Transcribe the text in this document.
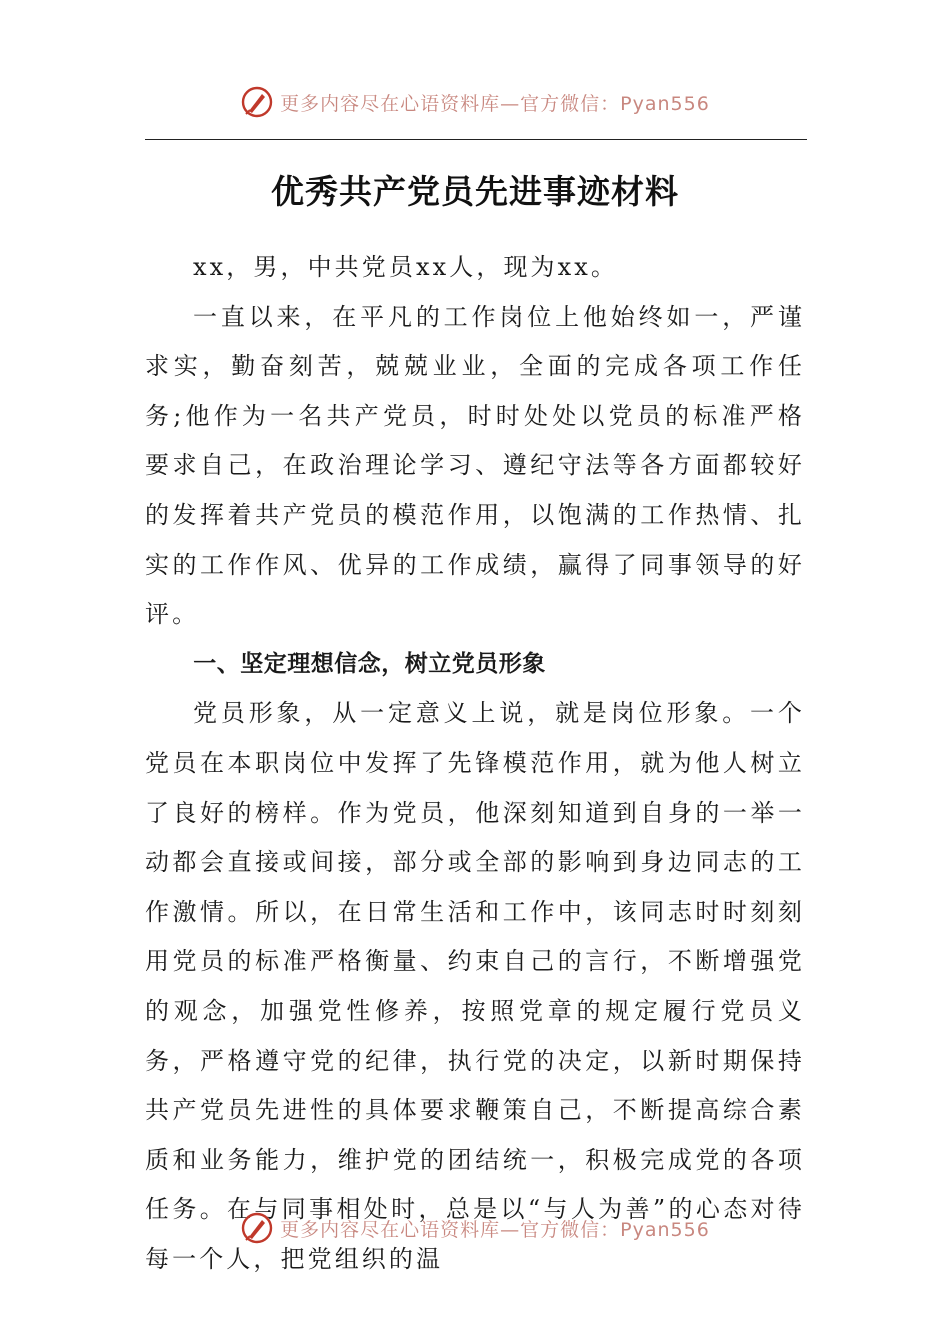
更多内容尽在心语资料库—官方微信：Pyan556
优秀共产党员先进事迹材料

xx，男，中共党员xx人，现为xx。

一直以来，在平凡的工作岗位上他始终如一，严谨求实，勤奋刻苦，兢兢业业，全面的完成各项工作任务;他作为一名共产党员，时时处处以党员的标准严格要求自己，在政治理论学习、遵纪守法等各方面都较好的发挥着共产党员的模范作用，以饱满的工作热情、扎实的工作作风、优异的工作成绩，赢得了同事领导的好评。

一、坚定理想信念，树立党员形象

党员形象，从一定意义上说，就是岗位形象。一个党员在本职岗位中发挥了先锋模范作用，就为他人树立了良好的榜样。作为党员，他深刻知道到自身的一举一动都会直接或间接，部分或全部的影响到身边同志的工作激情。所以，在日常生活和工作中，该同志时时刻刻用党员的标准严格衡量、约束自己的言行，不断增强党的观念，加强党性修养，按照党章的规定履行党员义务，严格遵守党的纪律，执行党的决定，以新时期保持共产党员先进性的具体要求鞭策自己，不断提高综合素质和业务能力，维护党的团结统一，积极完成党的各项任务。在与同事相处时，总是以“与人为善”的心态对待每一个人，把党组织的温

更多内容尽在心语资料库—官方微信：Pyan556
